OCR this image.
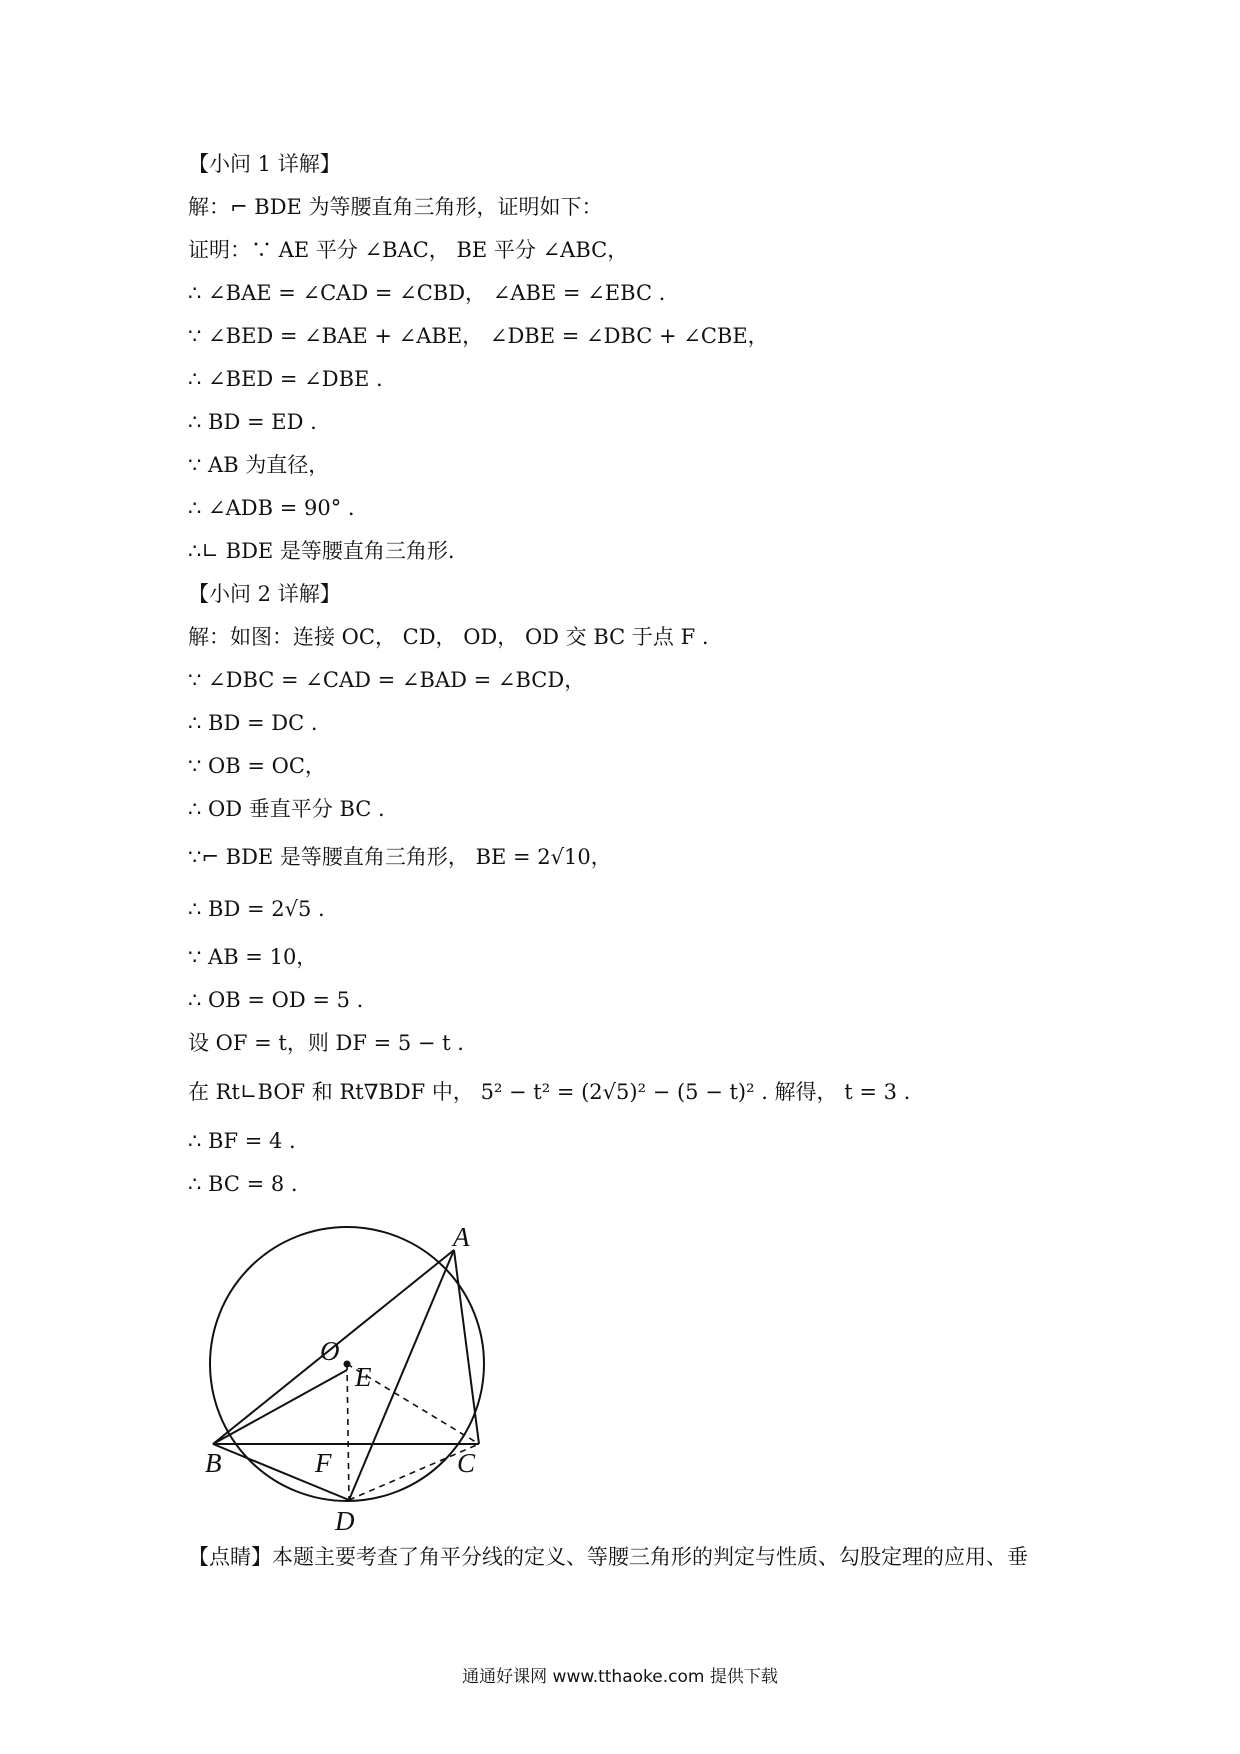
【小问 1 详解】
解：⌐ BDE 为等腰直角三角形，证明如下：
证明：∵ AE 平分 ∠BAC， BE 平分 ∠ABC，
∴ ∠BAE = ∠CAD = ∠CBD， ∠ABE = ∠EBC .
∵ ∠BED = ∠BAE + ∠ABE， ∠DBE = ∠DBC + ∠CBE，
∴ ∠BED = ∠DBE .
∴ BD = ED .
∵ AB 为直径，
∴ ∠ADB = 90° .
∴∟ BDE 是等腰直角三角形.
【小问 2 详解】
解：如图：连接 OC， CD， OD， OD 交 BC 于点 F .
∵ ∠DBC = ∠CAD = ∠BAD = ∠BCD，
∴ BD = DC .
∵ OB = OC，
∴ OD 垂直平分 BC .
∵⌐ BDE 是等腰直角三角形， BE = 2√10，
∴ BD = 2√5 .
∵ AB = 10，
∴ OB = OD = 5 .
设 OF = t，则 DF = 5 − t .
在 Rt∟BOF 和 Rt∇BDF 中， 5² − t² = (2√5)² − (5 − t)² . 解得， t = 3 .
∴ BF = 4 .
∴ BC = 8 .
A
O
E
B	F	C
D
【点睛】本题主要考查了角平分线的定义、等腰三角形的判定与性质、勾股定理的应用、垂
通通好课网 www.tthaoke.com 提供下载
